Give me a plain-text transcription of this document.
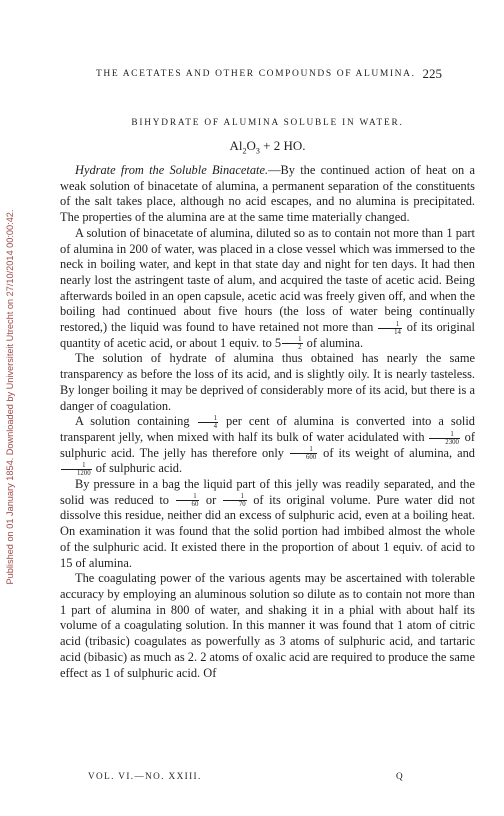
Published on 01 January 1854. Downloaded by Universiteit Utrecht on 27/10/2014 00:00:42.
THE ACETATES AND OTHER COMPOUNDS OF ALUMINA. 225
BIHYDRATE OF ALUMINA SOLUBLE IN WATER.
$Al_2O_3 + 2$ HO.

Hydrate from the Soluble Binacetate.—By the continued action of heat on a weak solution of binacetate of alumina, a permanent separation of the constituents of the salt takes place, although no acid escapes, and no alumina is precipitated. The properties of the alumina are at the same time materially changed.

A solution of binacetate of alumina, diluted so as to contain not more than 1 part of alumina in 200 of water, was placed in a close vessel which was immersed to the neck in boiling water, and kept in that state day and night for ten days. It had then nearly lost the astringent taste of alum, and acquired the taste of acetic acid. Being afterwards boiled in an open capsule, acetic acid was freely given off, and when the boiling had continued about five hours (the loss of water being continually restored,) the liquid was found to have retained not more than $\frac{1}{14}$ of its original quantity of acetic acid, or about 1 equiv. to $5 \frac{1}{2}$ of alumina.

The solution of hydrate of alumina thus obtained has nearly the same transparency as before the loss of its acid, and is slightly oily. It is nearly tasteless. By longer boiling it may be deprived of considerably more of its acid, but there is a danger of coagulation.

A solution containing $\frac{1}{4}$ per cent of alumina is converted into a solid transparent jelly, when mixed with half its bulk of water acidulated with $\frac{1}{2300}$ of sulphuric acid. The jelly has therefore only $\frac{1}{600}$ of its weight of alumina, and
$\frac{1}{1200}$ of sulphuric acid.

By pressure in a bag the liquid part of this jelly was readily separated, and the solid was reduced to $\frac{1}{60}$ or $\frac{1}{70}$ of its original volume. Pure water did not dissolve this residue, neither did an excess of sulphuric acid, even at a boiling heat. On examination it was found that the solid portion had imbibed almost the whole of the sulphuric acid. It existed there in the proportion of about 1 equiv. of acid to 15 of alumina.

The coagulating power of the various agents may be ascertained with tolerable accuracy by employing an aluminous solution so dilute as to contain not more than 1 part of alumina in 800 of water, and shaking it in a phial with about half its volume of a coagulating solution. In this manner it was found that 1 atom of citric acid (tribasic) coagulates as powerfully as 3 atoms of sulphuric acid, and tartaric acid (bibasic) as much as 2. 2 atoms of oxalic acid are required to produce the same effect as 1 of sulphuric acid. Of

VOL. VI.—NO. XXIII.	Q
